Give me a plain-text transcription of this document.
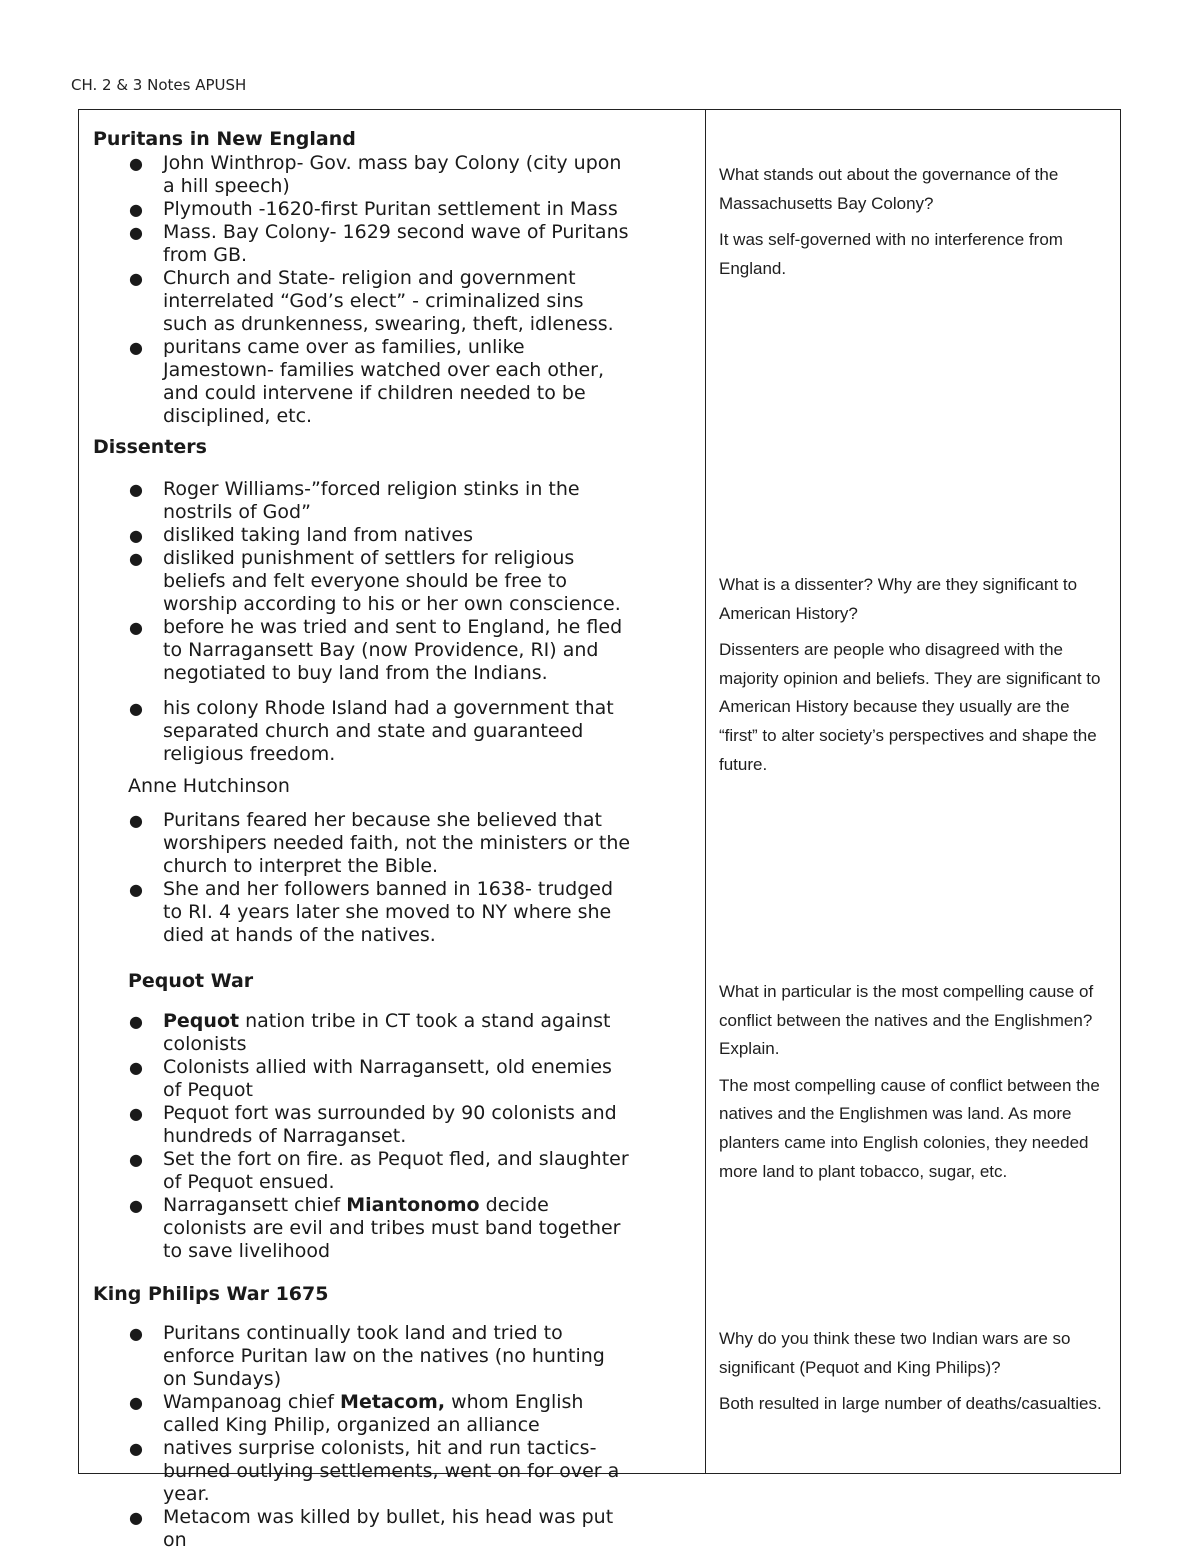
CH. 2 & 3 Notes APUSH
Puritans in New England
● John Winthrop- Gov. mass bay Colony (city upon a hill speech)
● Plymouth -1620-first Puritan settlement in Mass
● Mass. Bay Colony- 1629 second wave of Puritans from GB.
● Church and State- religion and government interrelated “God’s elect” - criminalized sins such as drunkenness, swearing, theft, idleness.
● puritans came over as families, unlike Jamestown- families watched over each other, and could intervene if children needed to be disciplined, etc.
Dissenters
● Roger Williams-”forced religion stinks in the nostrils of God”
● disliked taking land from natives
● disliked punishment of settlers for religious beliefs and felt everyone should be free to worship according to his or her own conscience.
● before he was tried and sent to England, he fled to Narragansett Bay (now Providence, RI) and negotiated to buy land from the Indians.
● his colony Rhode Island had a government that separated church and state and guaranteed religious freedom.
Anne Hutchinson
● Puritans feared her because she believed that worshipers needed faith, not the ministers or the church to interpret the Bible.
● She and her followers banned in 1638- trudged to RI. 4 years later she moved to NY where she died at hands of the natives.
Pequot War
● Pequot nation tribe in CT took a stand against colonists
● Colonists allied with Narragansett, old enemies of Pequot
● Pequot fort was surrounded by 90 colonists and hundreds of Narraganset.
● Set the fort on fire. as Pequot fled, and slaughter of Pequot ensued.
● Narragansett chief Miantonomo decide colonists are evil and tribes must band together to save livelihood
King Philips War 1675
● Puritans continually took land and tried to enforce Puritan law on the natives (no hunting on Sundays)
● Wampanoag chief Metacom, whom English called King Philip, organized an alliance
● natives surprise colonists, hit and run tactics- burned outlying settlements, went on for over a year.
● Metacom was killed by bullet, his head was put on

What stands out about the governance of the Massachusetts Bay Colony?

It was self-governed with no interference from England.

What is a dissenter? Why are they significant to American History?

Dissenters are people who disagreed with the majority opinion and beliefs. They are significant to American History because they usually are the “first” to alter society’s perspectives and shape the future.

What in particular is the most compelling cause of conflict between the natives and the Englishmen? Explain.

The most compelling cause of conflict between the natives and the Englishmen was land. As more planters came into English colonies, they needed more land to plant tobacco, sugar, etc.

Why do you think these two Indian wars are so significant (Pequot and King Philips)?

Both resulted in large number of deaths/casualties.
